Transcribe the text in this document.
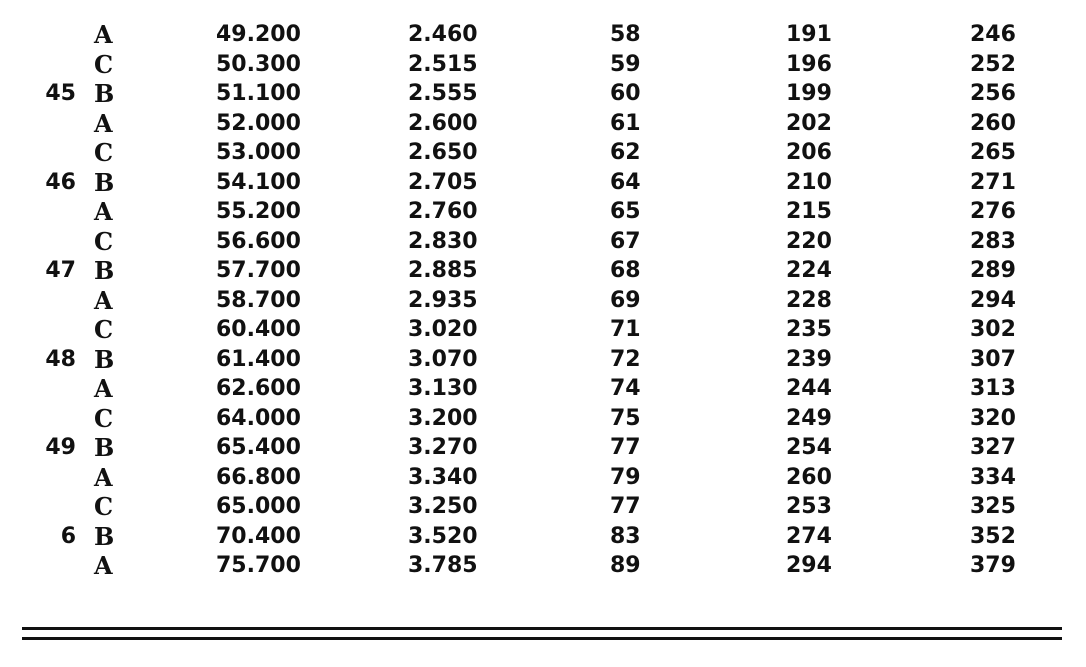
A	49.200	2.460	58	191	246
C	50.300	2.515	59	196	252
45 B	51.100	2.555	60	199	256
A	52.000	2.600	61	202	260
C	53.000	2.650	62	206	265
46 B	54.100	2.705	64	210	271
A	55.200	2.760	65	215	276
C	56.600	2.830	67	220	283
47 B	57.700	2.885	68	224	289
A	58.700	2.935	69	228	294
C	60.400	3.020	71	235	302
48 B	61.400	3.070	72	239	307
A	62.600	3.130	74	244	313
C	64.000	3.200	75	249	320
49 B	65.400	3.270	77	254	327
A	66.800	3.340	79	260	334
C	65.000	3.250	77	253	325
6 B	70.400	3.520	83	274	352
A	75.700	3.785	89	294	379
